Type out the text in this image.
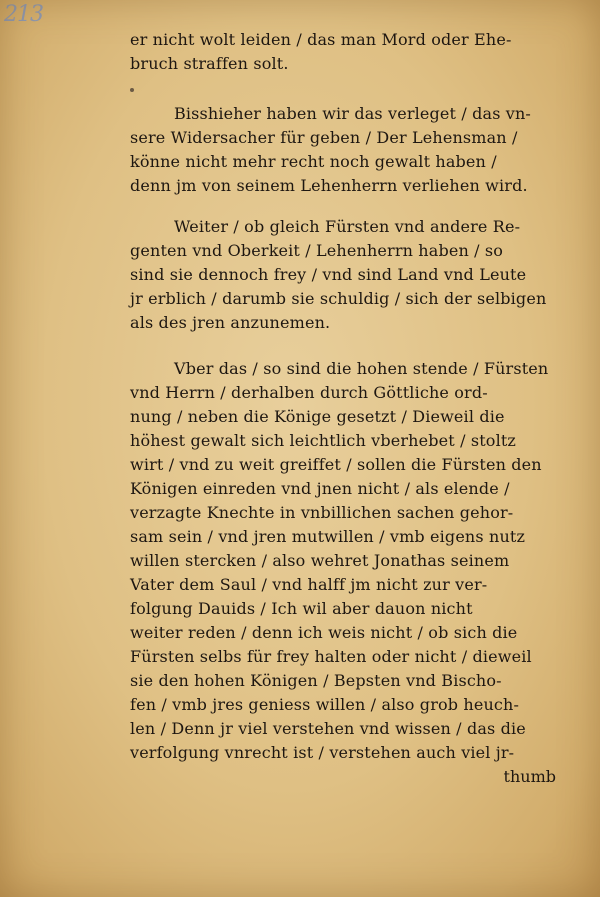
213
er nicht wolt leiden / das man Mord oder Ehe-
bruch straffen solt.
Bisshieher haben wir das verleget / das vn-
sere Widersacher für geben / Der Lehensman /
könne nicht mehr recht noch gewalt haben /
denn jm von seinem Lehenherrn verliehen wird.
Weiter / ob gleich Fürsten vnd andere Re-
genten vnd Oberkeit / Lehenherrn haben / so
sind sie dennoch frey / vnd sind Land vnd Leute
jr erblich / darumb sie schuldig / sich der selbigen
als des jren anzunemen.
Vber das / so sind die hohen stende / Fürsten
vnd Herrn / derhalben durch Göttliche ord-
nung / neben die Könige gesetzt / Dieweil die
höhest gewalt sich leichtlich vberhebet / stoltz
wirt / vnd zu weit greiffet / sollen die Fürsten den
Königen einreden vnd jnen nicht / als elende /
verzagte Knechte in vnbillichen sachen gehor-
sam sein / vnd jren mutwillen / vmb eigens nutz
willen stercken / also wehret Jonathas seinem
Vater dem Saul / vnd halff jm nicht zur ver-
folgung Dauids / Ich wil aber dauon nicht
weiter reden / denn ich weis nicht / ob sich die
Fürsten selbs für frey halten oder nicht / dieweil
sie den hohen Königen / Bepsten vnd Bischo-
fen / vmb jres geniess willen / also grob heuch-
len / Denn jr viel verstehen vnd wissen / das die
verfolgung vnrecht ist / verstehen auch viel jr-
thumb
